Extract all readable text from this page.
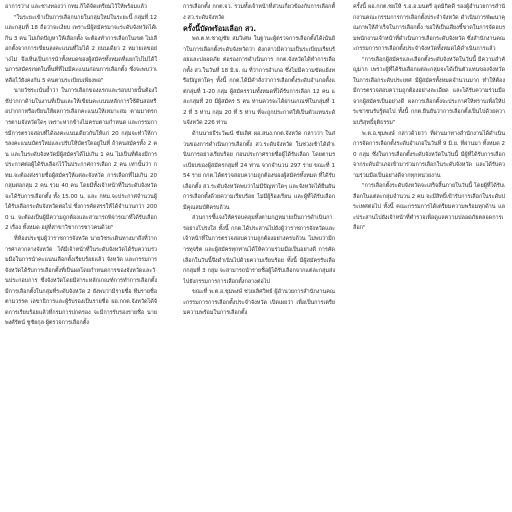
อาการว่าง และช่างทองว่า กทม.ก็ได้จัดเตรียมไว้ให้พร้อมแล้ว

"ในระยะเข้าเป็นการเลือกนายในกลุ่มใหม่ในระยะนี้ กลุ่มที่ 12 และกลุ่มที่ 18 ถือว่าจะเงียบ เพราะมีผู้สมัครมาจะระดับจังหวัดได้เกิน 3 คน ไม่เกิดปัญหาให้เลือกตั้ง จะต้องทำการเลือกในเขต ไม่เลือกตั้งจากการเขียนลงคะแนนที่ไม่ได้ 2 ถนนเดียว 2 หมายเลขอย่างไม่ จึงเห็นเป็นการนำทั้งหมดของผู้สมัครทั้งหมดที่แยกไปไม่ได้ในการสมัครเขตในพื้นที่ที่ไม่มีคะแนนก่อนการเลือกตั้ง ซึ่งจะพบว่าเหลือไว้ยังคงกัน 5 คนตามระเบียบเพียงพอ"

นายวัชระเน้นย้ำว่า ในการเลือกของแรกและรอบบ่ายนั้นต้องใช้ปากกาด้ามในงานที่เป็นและให้เขียนคะแนนหลักการใช้ดินสอหรือปากกาหรือเขียนให้ผลการเลือกคะแนนให้เหมาะสม ตามมาตรการตามจังหวัดใดๆ เพราะหากข้างไม่ครบตามกำหนด และกรรมการมีการตรวจสอบที่ได้ลงคะแนนเดียวกันให้แก่ 20 กลุ่มจะทำให้การลงคะแนนบัตรใหม่และปรับให้บัตรใดอยู่ในที่ ถ้าคนสมัครทั้ง 2 คน และในระดับจังหวัดมีผู้สมัครได้ไม่เกิน 1 คน ไม่เป็นที่ต้องมีการประกาศต่อผู้ได้รับเลือกไว้ในประกาศการเลือก 2 คน เท่านั้นว่า กทม.จะต้องส่งรายชื่อผู้สมัครให้แต่ละจังหวัด การเลือกที่ไม่เกิน 20 กลุ่มต่อกลุ่ม 2 คน รวม 40 คน โดยมีทั้งเจ้าหน้าที่ในระดับจังหวัดจะได้รับการเลือกตั้ง ทั้ง 15.00 น. และ กทม.จะประกาศจำนวนผู้ได้รับเลือกระดับจังหวัดต่อไป ซึ่งการคัดสรรให้ได้จำนวนกว่า 2000 น. จะต้องเป็นผู้มีความถูกต้องและสามารถพิจารณาที่ได้รับเลือก 2 เรื่อง ทั้งหมด อยู่ที่สาขาวิชาการชาวคนด้วย"

ที่ห้องประชุมผู้ว่าราชการจังหวัด นายวัชระเดินทางมาถึงที่ว่าการศาลากลางจังหวัด ได้มีเจ้าหน้าที่ในระดับจังหวัดได้รับความร่วมมือในการนำคะแนนเลือกตั้งเรียบร้อยแล้ว จังหวัด และกรรมการจังหวัดได้รับการเลือกตั้งที่เป็นผลโดยกำหนดการของจังหวัดและวันประกอบการ ซึ่งจังหวัดโดยมีสาระหลักเกณฑ์การทำการเลือกตั้ง มีการเลือกตั้งในกลุ่มที่ระดับจังหวัด 2 ยังพบว่ามีรายชื่อ ทีมรายชื่อตามวรรค เลขาธิการและผู้รับรองเป็นรายชื่อ ผอ.กกต.จังหวัดได้จัดการเรียบร้อยแล้วที่กรมการปกครอง จะมีการรับรองรายชื่อ นายพงศ์รัตน์ ชูชัยกุล ผู้ตรวจการเลือกตั้ง

การเลือกตั้ง กกต.จว. รวมทั้งเจ้าหน้าที่ส่วนเกี่ยวข้องกับการเลือกตั้ง สว.ระดับจังหวัด

ครั้งนี้บัดพร้อมเลือก สว.

พล.ต.ท.ชาญชัย สมวิเศษ ในฐานะผู้ตรวจการเลือกตั้งได้เน้นย้ำในการเลือกตั้งระดับจังหวัดว่า ดังกล่าวมีความเป็นระเบียบเรียบร้อยและปลอดภัย ต่อรองการดำเนินการ กกต.จังหวัดได้ทำการเลือกตั้ง สว.ในวันที่ 18 มิ.ย. ณ ที่ว่าการอำเภอ ซึ่งไม่มีความขัดแย้งหรือปัญหาใดๆ ทั้งนี้ กกต.ได้มีคำสั่งว่าการเลือกตั้งระดับอำเภอตั้งแต่กลุ่มที่ 1-20 กลุ่ม ผู้สมัครรวมทั้งหมดที่ได้รับการเลือก 12 คน และกลุ่มที่ 20 มีผู้สมัคร 5 คน ท่านควรจะได้ผ่านเกณฑ์ในกลุ่มที่ 12 ที่ 3 ท่าน กลุ่ม 20 ที่ 5 ท่าน ที่จะถูกประกาศให้เป็นตัวแทนระดับจังหวัด 226 ท่าน

ด้านนายธีระวัฒน์ ชัยเลิศ ผอ.สนง.กกต.จังหวัด กล่าวว่า ในส่วนของการดำเนินการเลือกตั้ง สว.ระดับจังหวัด ในช่วงเช้าได้ดำเนินการอย่างเรียบร้อย ก่อนประกาศรายชื่อผู้ได้รับเลือก โดยตามระเบียบของผู้สมัครกลุ่มที่ 24 ท่าน จากจำนวน 297 ราย ขณะที่ 154 ราย กกต.ได้ตรวจสอบความถูกต้องของผู้สมัครทั้งหมด ที่ได้รับเลือกตั้ง สว.ระดับจังหวัดพบว่าไม่มีปัญหาใดๆ และจังหวัดได้ยืนยันการเลือกตั้งด้วยความเรียบร้อย ไม่มีผู้ร้องเรียน และผู้ที่ได้รับเลือกมีคุณสมบัติครบถ้วน

ส่วนการชี้แจงให้ครอบคลุมทั้งตามกฎหมายเป็นการดำเนินการอย่างโปร่งใส ทั้งนี้ กกต.ได้ประสานไปยังผู้ว่าราชการจังหวัดและเจ้าหน้าที่ในการตรวจสอบความถูกต้องอย่างครบถ้วน ไม่พบว่ามีการทุจริต และผู้สมัครทุกท่านได้ให้ความร่วมมือเป็นอย่างดี การคัดเลือกในวันนี้จึงดำเนินไปด้วยความเรียบร้อย ทั้งนี้ มีผู้สมัครรับเลือกกลุ่มที่ 3 กลุ่ม จะสามารถนำรายชื่อผู้ได้รับเลือกจากแต่ละกลุ่มส่งไปยังกรรมการการเลือกตั้งกลางต่อไป

ขณะที่ พ.ต.อ.ชุมพงษ์ ช่วยเลิศวิทย์ ผู้อำนวยการสำนักงานคณะกรรมการการเลือกตั้งประจำจังหวัด เปิดเผยว่า เพื่อเป็นการเตรียมความพร้อมในการเลือกตั้ง

ครั้งนี้ ผอ.กกต.ชยให้ ร.อ.อ.มนตรี อุดมิกิดดี รองผู้อำนวยการสำนักงานคณะกรรมการการเลือกตั้งประจำจังหวัด ดำเนินการพัฒนาคุณภาพให้สำเร็จในการเลือกตั้ง ขอให้เป็นเสียงชี้ขาดในการจัดอบรมพนักงานเจ้าหน้าที่ดำเนินการเลือกระดับจังหวัด ซึ่งสำนักงานคณะกรรมการการเลือกตั้งประจำจังหวัดทั้งหมดได้ดำเนินการแล้ว

"การเลือกผู้สมัครและเลือกตั้งระดับจังหวัดในวันนี้ มีความสำคัญมาก เพราะผู้ที่ได้รับเลือกแต่ละกลุ่มจะได้เป็นตัวแทนของจังหวัดในการเลือกระดับประเทศ มีผู้สมัครทั้งหมดจำนวนมาก ทำให้ต้องมีการตรวจสอบความถูกต้องอย่างละเอียด และได้รับความร่วมมือจากผู้สมัครเป็นอย่างดี ผลการเลือกตั้งจะประกาศให้ทราบเพื่อให้ประชาชนรับรู้ต่อไป ทั้งนี้ กกต.ยืนยันว่าการเลือกตั้งเป็นไปด้วยความบริสุทธิ์ยุติธรรม"

พ.ต.อ.ชุมพงษ์ กล่าวด้วยว่า ที่ผ่านมาทางสำนักงานได้ดำเนินการจัดการเลือกตั้งระดับอำเภอในวันที่ 9 มิ.ย. ที่ผ่านมา ทั้งหมด 20 กลุ่ม ซึ่งในการเลือกตั้งระดับจังหวัดในวันนี้ มีผู้ที่ได้รับการเลือกจากระดับอำเภอเข้ามาร่วมการเลือกในระดับจังหวัด และได้รับความร่วมมือเป็นอย่างดีจากทุกหน่วยงาน

"การเลือกตั้งระดับจังหวัดจะเสร็จสิ้นภายในวันนี้ โดยผู้ที่ได้รับเลือกในแต่ละกลุ่มจำนวน 2 คน จะมีสิทธิ์เข้ารับการเลือกในระดับประเทศต่อไป ทั้งนี้ คณะกรรมการได้เตรียมความพร้อมทุกด้าน และประสานไปยังเจ้าหน้าที่ตำรวจเพื่อดูแลความปลอดภัยตลอดการเลือก"
